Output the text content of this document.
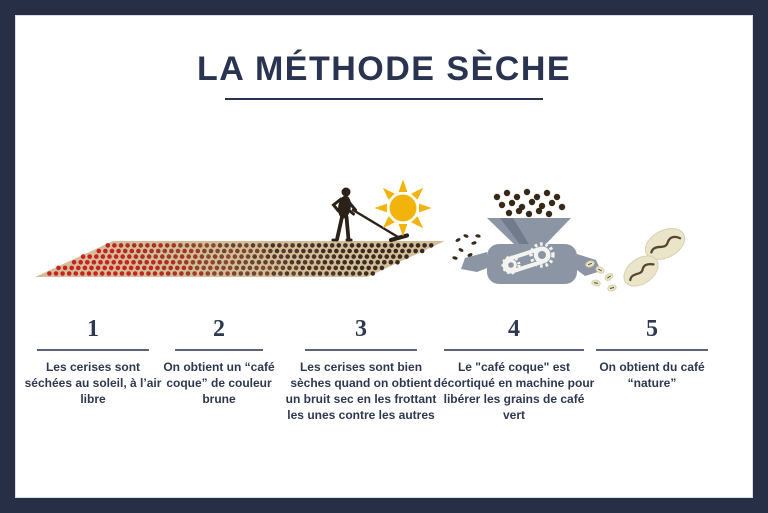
LA MÉTHODE SÈCHE
1
Les cerises sont séchées au soleil, à l’air libre
2
On obtient un “café coque” de couleur brune
3
Les cerises sont bien sèches quand on obtient un bruit sec en les frottant les unes contre les autres
4
Le "café coque" est décortiqué en machine pour libérer les grains de café vert
5
On obtient du café “nature”
